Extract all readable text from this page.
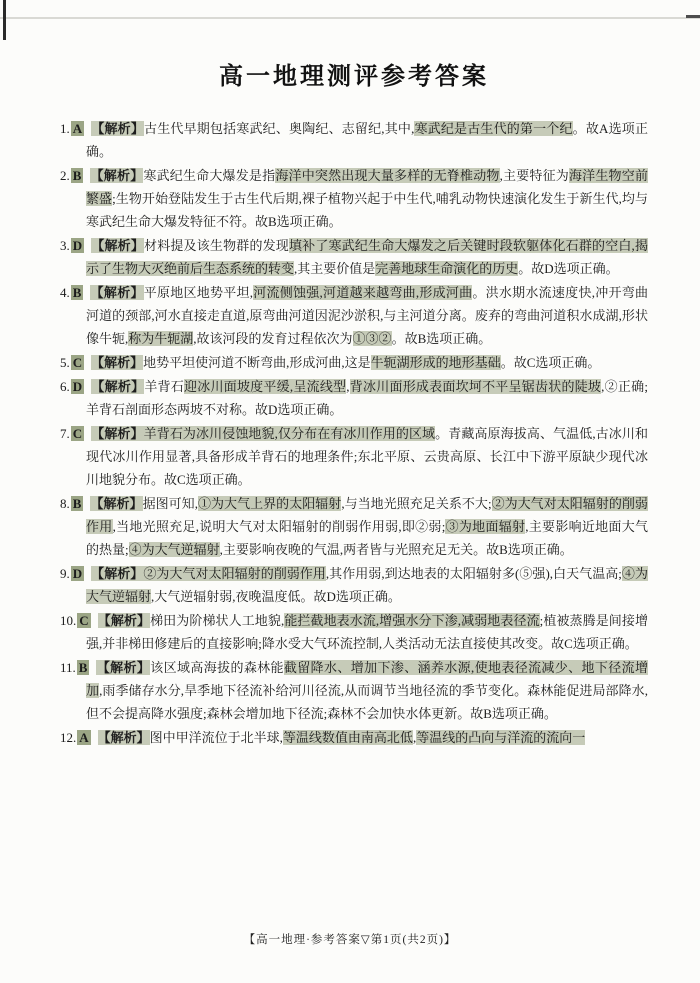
高一地理测评参考答案
1. A 【解析】古生代早期包括寒武纪、奥陶纪、志留纪,其中,寒武纪是古生代的第一个纪。故A选项正确。
2. B 【解析】寒武纪生命大爆发是指海洋中突然出现大量多样的无脊椎动物,主要特征为海洋生物空前繁盛;生物开始登陆发生于古生代后期,裸子植物兴起于中生代,哺乳动物快速演化发生于新生代,均与寒武纪生命大爆发特征不符。故B选项正确。
3. D 【解析】材料提及该生物群的发现填补了寒武纪生命大爆发之后关键时段软躯体化石群的空白,揭示了生物大灭绝前后生态系统的转变,其主要价值是完善地球生命演化的历史。故D选项正确。
4. B 【解析】平原地区地势平坦,河流侧蚀强,河道越来越弯曲,形成河曲。洪水期水流速度快,冲开弯曲河道的颈部,河水直接走直道,原弯曲河道因泥沙淤积,与主河道分离。废弃的弯曲河道积水成湖,形状像牛轭,称为牛轭湖,故该河段的发育过程依次为①③②。故B选项正确。
5. C 【解析】地势平坦使河道不断弯曲,形成河曲,这是牛轭湖形成的地形基础。故C选项正确。
6. D 【解析】羊背石迎冰川面坡度平缓,呈流线型,背冰川面形成表面坎坷不平呈锯齿状的陡坡,②正确;羊背石剖面形态两坡不对称。故D选项正确。
7. C 【解析】羊背石为冰川侵蚀地貌,仅分布在有冰川作用的区域。青藏高原海拔高、气温低,古冰川和现代冰川作用显著,具备形成羊背石的地理条件;东北平原、云贵高原、长江中下游平原缺少现代冰川地貌分布。故C选项正确。
8. B 【解析】据图可知,①为大气上界的太阳辐射,与当地光照充足关系不大;②为大气对太阳辐射的削弱作用,当地光照充足,说明大气对太阳辐射的削弱作用弱,即②弱;③为地面辐射,主要影响近地面大气的热量;④为大气逆辐射,主要影响夜晚的气温,两者皆与光照充足无关。故B选项正确。
9. D 【解析】②为大气对太阳辐射的削弱作用,其作用弱,到达地表的太阳辐射多(⑤强),白天气温高;④为大气逆辐射,大气逆辐射弱,夜晚温度低。故D选项正确。
10. C 【解析】梯田为阶梯状人工地貌,能拦截地表水流,增强水分下渗,减弱地表径流;植被蒸腾是间接增强,并非梯田修建后的直接影响;降水受大气环流控制,人类活动无法直接使其改变。故C选项正确。
11. B 【解析】该区域高海拔的森林能截留降水、增加下渗、涵养水源,使地表径流减少、地下径流增加,雨季储存水分,旱季地下径流补给河川径流,从而调节当地径流的季节变化。森林能促进局部降水,但不会提高降水强度;森林会增加地下径流;森林不会加快水体更新。故B选项正确。
12. A 【解析】图中甲洋流位于北半球,等温线数值由南高北低,等温线的凸向与洋流的流向一
【高一地理·参考答案▽第1页(共2页)】
